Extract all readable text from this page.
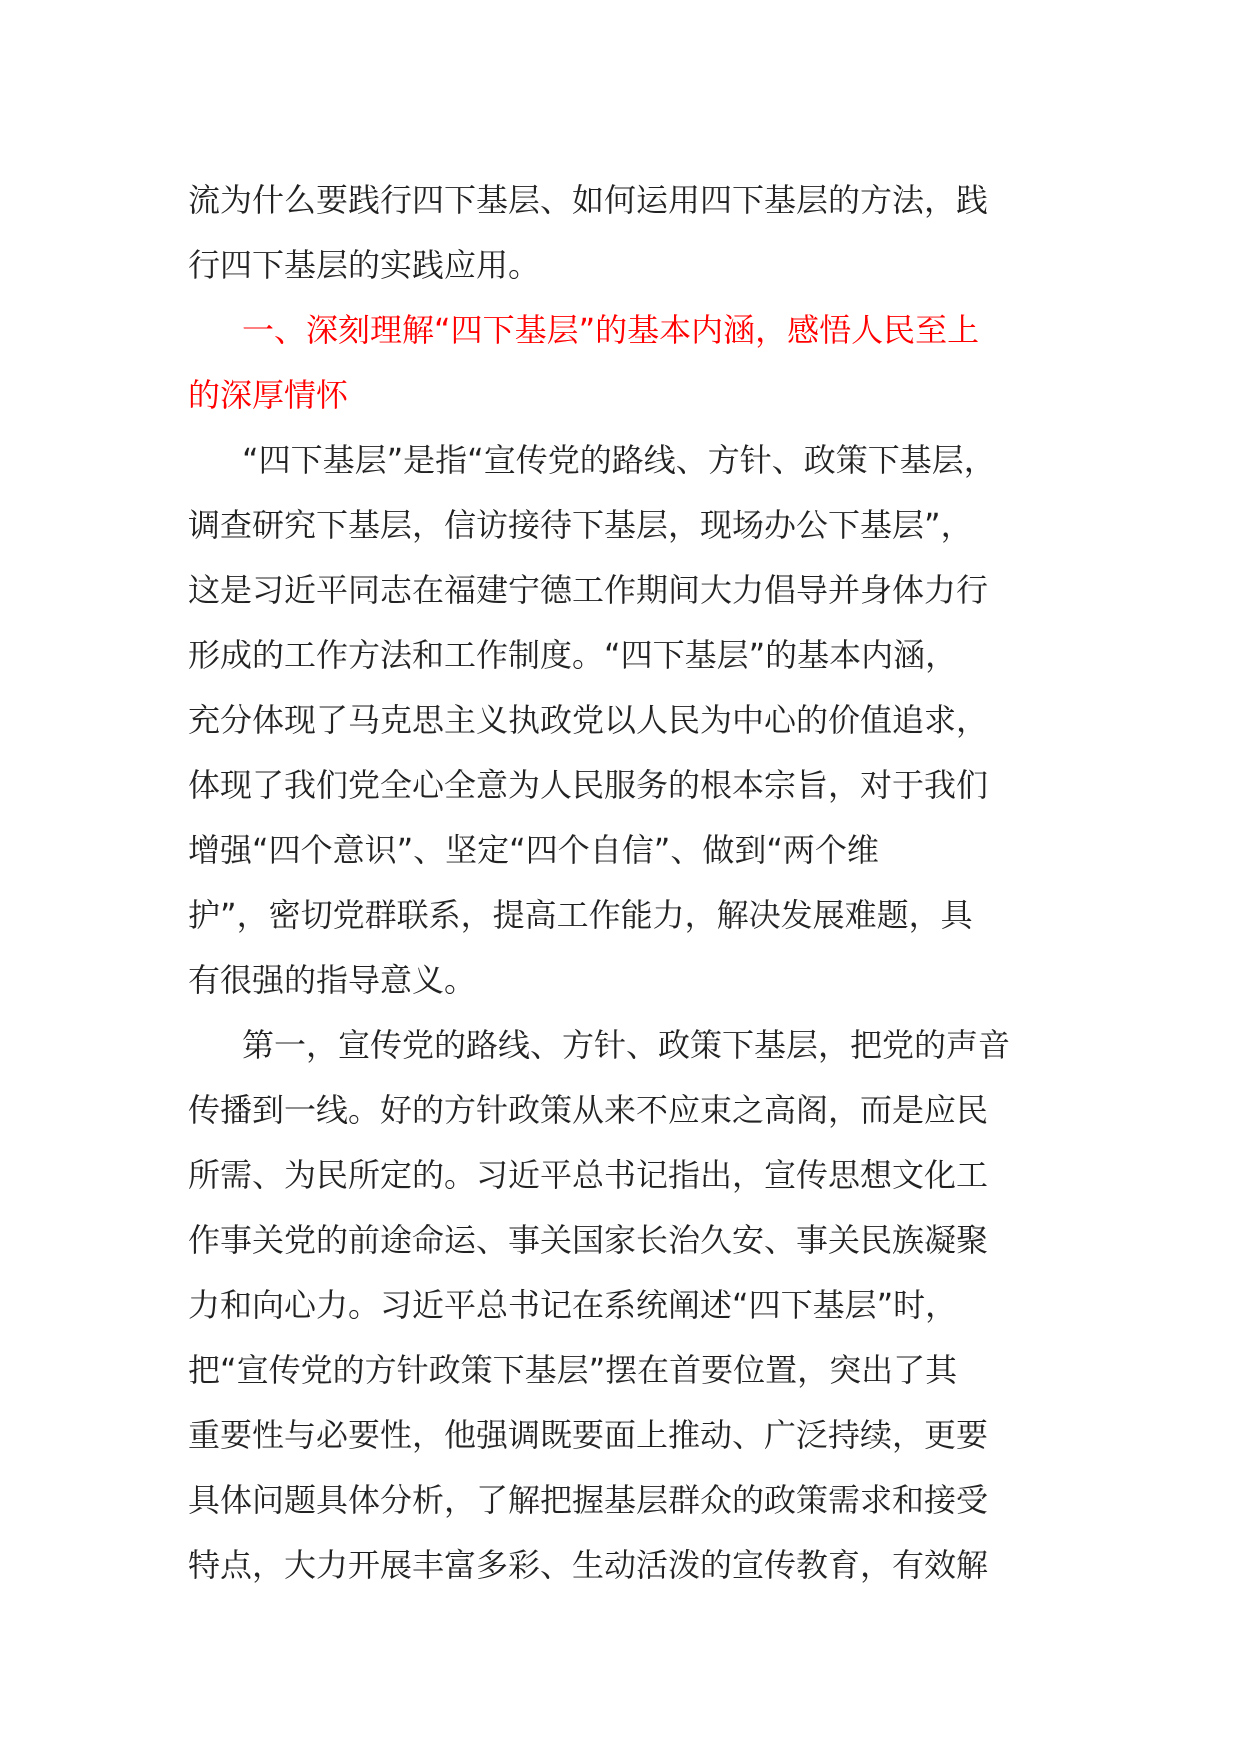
流为什么要践行四下基层、如何运用四下基层的方法，践
行四下基层的实践应用。
一、深刻理解“四下基层”的基本内涵，感悟人民至上
的深厚情怀
“四下基层”是指“宣传党的路线、方针、政策下基层，
调查研究下基层，信访接待下基层，现场办公下基层”，
这是习近平同志在福建宁德工作期间大力倡导并身体力行
形成的工作方法和工作制度。“四下基层”的基本内涵，
充分体现了马克思主义执政党以人民为中心的价值追求，
体现了我们党全心全意为人民服务的根本宗旨，对于我们
增强“四个意识”、坚定“四个自信”、做到“两个维
护”，密切党群联系，提高工作能力，解决发展难题，具
有很强的指导意义。
第一，宣传党的路线、方针、政策下基层，把党的声音
传播到一线。好的方针政策从来不应束之高阁，而是应民
所需、为民所定的。习近平总书记指出，宣传思想文化工
作事关党的前途命运、事关国家长治久安、事关民族凝聚
力和向心力。习近平总书记在系统阐述“四下基层”时，
把“宣传党的方针政策下基层”摆在首要位置，突出了其
重要性与必要性，他强调既要面上推动、广泛持续，更要
具体问题具体分析，了解把握基层群众的政策需求和接受
特点，大力开展丰富多彩、生动活泼的宣传教育，有效解
